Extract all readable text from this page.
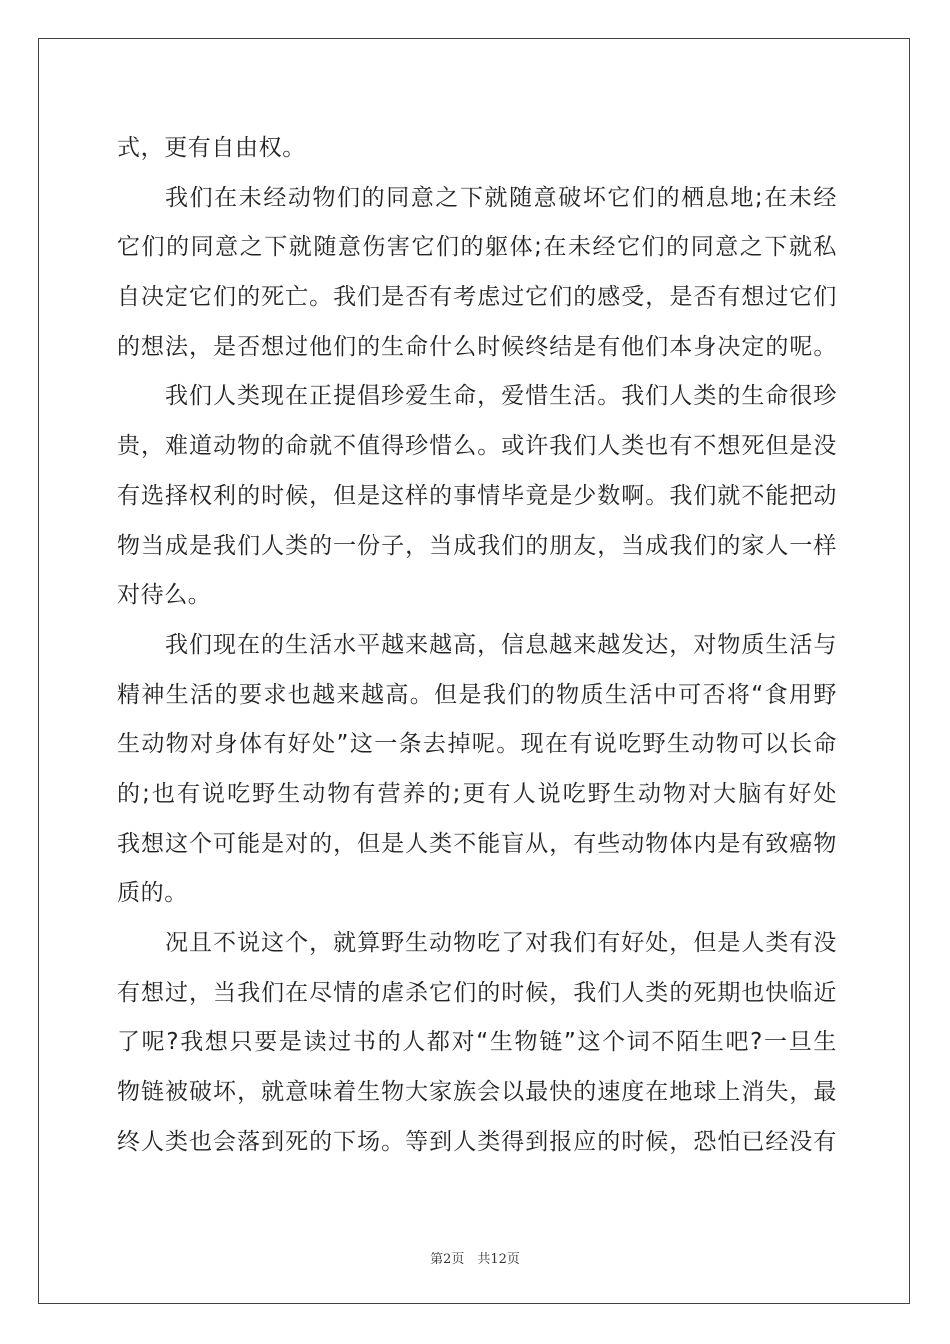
式，更有自由权。
我们在未经动物们的同意之下就随意破坏它们的栖息地;在未经
它们的同意之下就随意伤害它们的躯体;在未经它们的同意之下就私
自决定它们的死亡。我们是否有考虑过它们的感受，是否有想过它们
的想法，是否想过他们的生命什么时候终结是有他们本身决定的呢。
我们人类现在正提倡珍爱生命，爱惜生活。我们人类的生命很珍
贵，难道动物的命就不值得珍惜么。或许我们人类也有不想死但是没
有选择权利的时候，但是这样的事情毕竟是少数啊。我们就不能把动
物当成是我们人类的一份子，当成我们的朋友，当成我们的家人一样
对待么。
我们现在的生活水平越来越高，信息越来越发达，对物质生活与
精神生活的要求也越来越高。但是我们的物质生活中可否将“食用野
生动物对身体有好处”这一条去掉呢。现在有说吃野生动物可以长命
的;也有说吃野生动物有营养的;更有人说吃野生动物对大脑有好处
我想这个可能是对的，但是人类不能盲从，有些动物体内是有致癌物
质的。
况且不说这个，就算野生动物吃了对我们有好处，但是人类有没
有想过，当我们在尽情的虐杀它们的时候，我们人类的死期也快临近
了呢?我想只要是读过书的人都对“生物链”这个词不陌生吧?一旦生
物链被破坏，就意味着生物大家族会以最快的速度在地球上消失，最
终人类也会落到死的下场。等到人类得到报应的时候，恐怕已经没有
第2页　共12页
